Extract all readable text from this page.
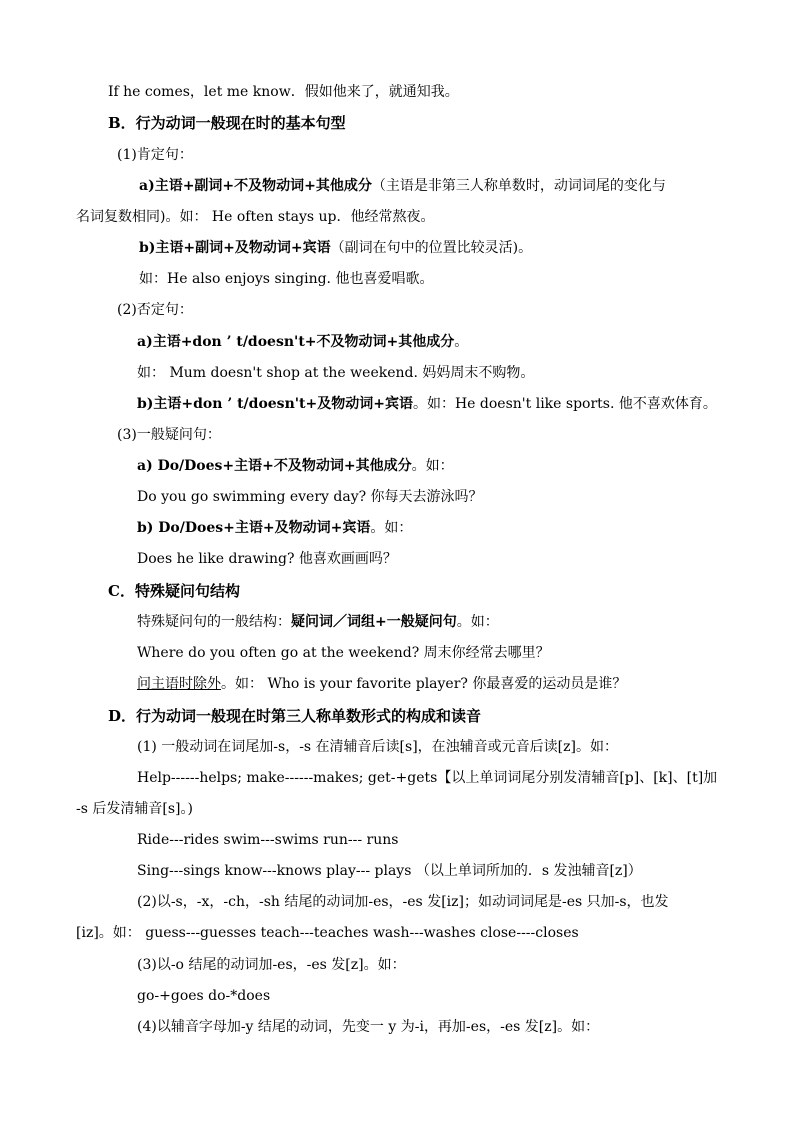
If he comes，let me know．假如他来了，就通知我。
B．行为动词一般现在时的基本句型
(1)肯定句：
a)主语+副词+不及物动词+其他成分（主语是非第三人称单数时，动词词尾的变化与
名词复数相同)。如： He often stays up．他经常熬夜。
b)主语+副词+及物动词+宾语（副词在句中的位置比较灵活)。
如：He also enjoys singing. 他也喜爱唱歌。
(2)否定句：
a)主语+don ’ t/doesn't+不及物动词+其他成分。
如： Mum doesn't shop at the weekend. 妈妈周末不购物。
b)主语+don ’ t/doesn't+及物动词+宾语。如：He doesn't like sports. 他不喜欢体育。
(3)一般疑问句：
a) Do/Does+主语+不及物动词+其他成分。如：
Do you go swimming every day? 你每天去游泳吗？
b) Do/Does+主语+及物动词+宾语。如：
Does he like drawing? 他喜欢画画吗？
C．特殊疑问句结构
特殊疑问句的一般结构：疑问词／词组+一般疑问句。如：
Where do you often go at the weekend? 周末你经常去哪里？
问主语时除外。如： Who is your favorite player? 你最喜爱的运动员是谁？
D．行为动词一般现在时第三人称单数形式的构成和读音
(1) 一般动词在词尾加-s，-s 在清辅音后读[s]，在浊辅音或元音后读[z]。如：
Help------helps; make------makes; get-+gets【以上单词词尾分别发清辅音[p]、[k]、[t]加
-s 后发清辅音[s]。)
Ride---rides swim---swims run--- runs
Sing---sings know---knows play--- plays （以上单词所加的．s 发浊辅音[z]）
(2)以-s，-x，-ch，-sh 结尾的动词加-es，-es 发[iz]；如动词词尾是-es 只加-s，也发
[iz]。如： guess---guesses teach---teaches wash---washes close----closes
(3)以-o 结尾的动词加-es，-es 发[z]。如：
go-+goes do-*does
(4)以辅音字母加-y 结尾的动词，先变一 y 为-i，再加-es，-es 发[z]。如：
